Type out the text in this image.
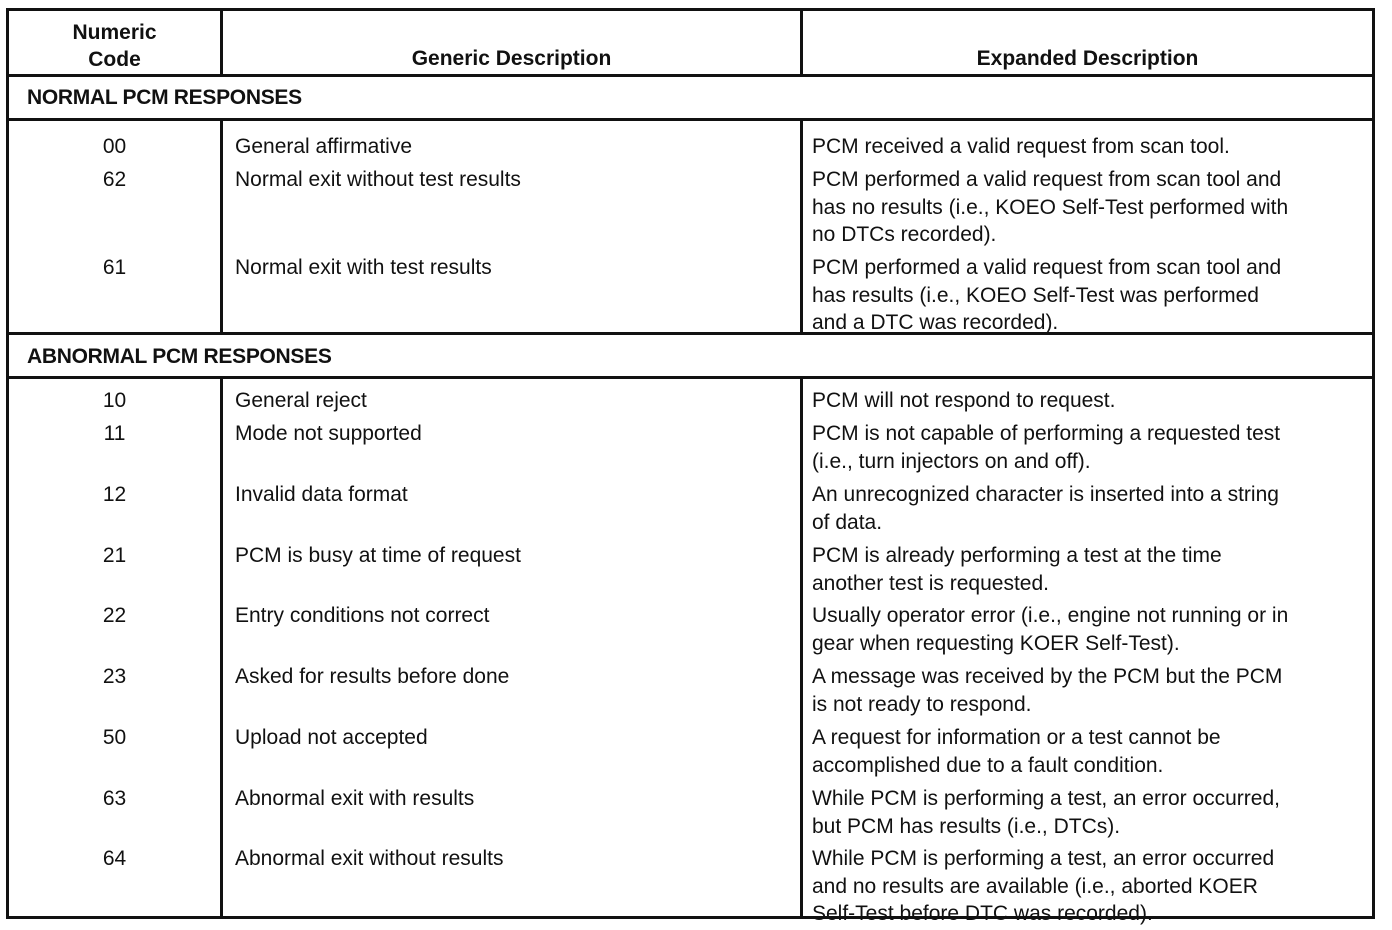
Numeric
Code	Generic Description	Expanded Description
NORMAL PCM RESPONSES
00	General affirmative	PCM received a valid request from scan tool.
62	Normal exit without test results	PCM performed a valid request from scan tool and
has no results (i.e., KOEO Self-Test performed with
no DTCs recorded).
61	Normal exit with test results	PCM performed a valid request from scan tool and
has results (i.e., KOEO Self-Test was performed
and a DTC was recorded).
ABNORMAL PCM RESPONSES
10	General reject	PCM will not respond to request.
11	Mode not supported	PCM is not capable of performing a requested test
(i.e., turn injectors on and off).
12	Invalid data format	An unrecognized character is inserted into a string
of data.
21	PCM is busy at time of request	PCM is already performing a test at the time
another test is requested.
22	Entry conditions not correct	Usually operator error (i.e., engine not running or in
gear when requesting KOER Self-Test).
23	Asked for results before done	A message was received by the PCM but the PCM
is not ready to respond.
50	Upload not accepted	A request for information or a test cannot be
accomplished due to a fault condition.
63	Abnormal exit with results	While PCM is performing a test, an error occurred,
but PCM has results (i.e., DTCs).
64	Abnormal exit without results	While PCM is performing a test, an error occurred
and no results are available (i.e., aborted KOER
Self-Test before DTC was recorded).
